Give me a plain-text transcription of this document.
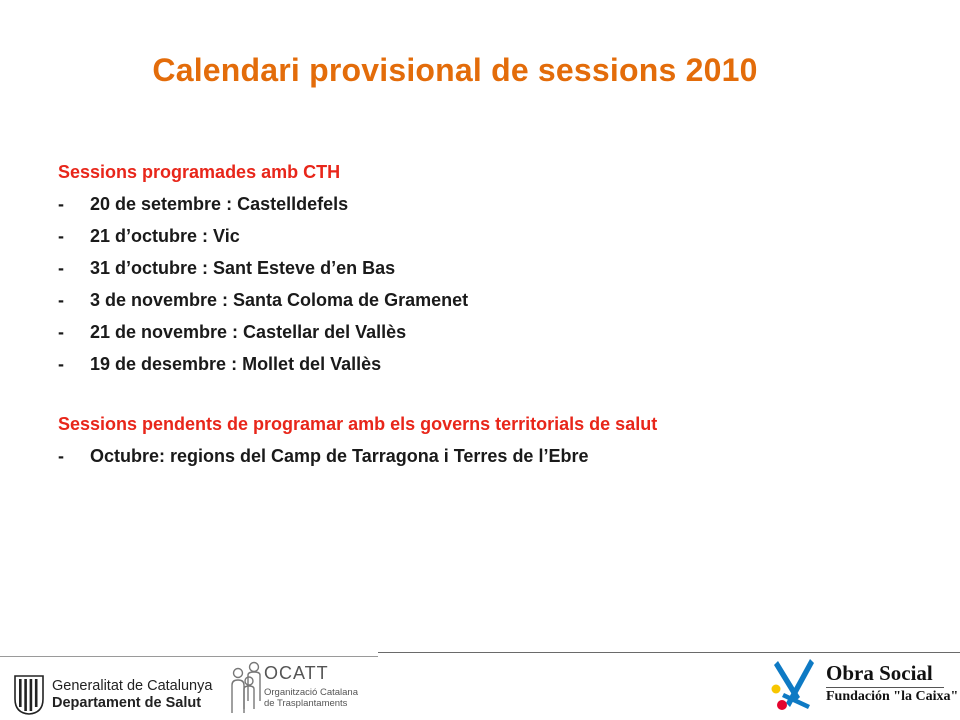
Calendari provisional de sessions 2010
Sessions programades amb CTH
-	20 de setembre : Castelldefels
-	21 d’octubre : Vic
-	31 d’octubre : Sant Esteve d’en Bas
-	3 de novembre : Santa Coloma de Gramenet
-	21 de novembre : Castellar del Vallès
-	19 de desembre : Mollet del Vallès
Sessions pendents de programar amb els governs territorials de salut
-	Octubre: regions del Camp de Tarragona i Terres de l’Ebre
Generalitat de Catalunya
Departament de Salut
OCATT
Organització Catalana
de Trasplantaments
Obra Social
Fundación "la Caixa"
